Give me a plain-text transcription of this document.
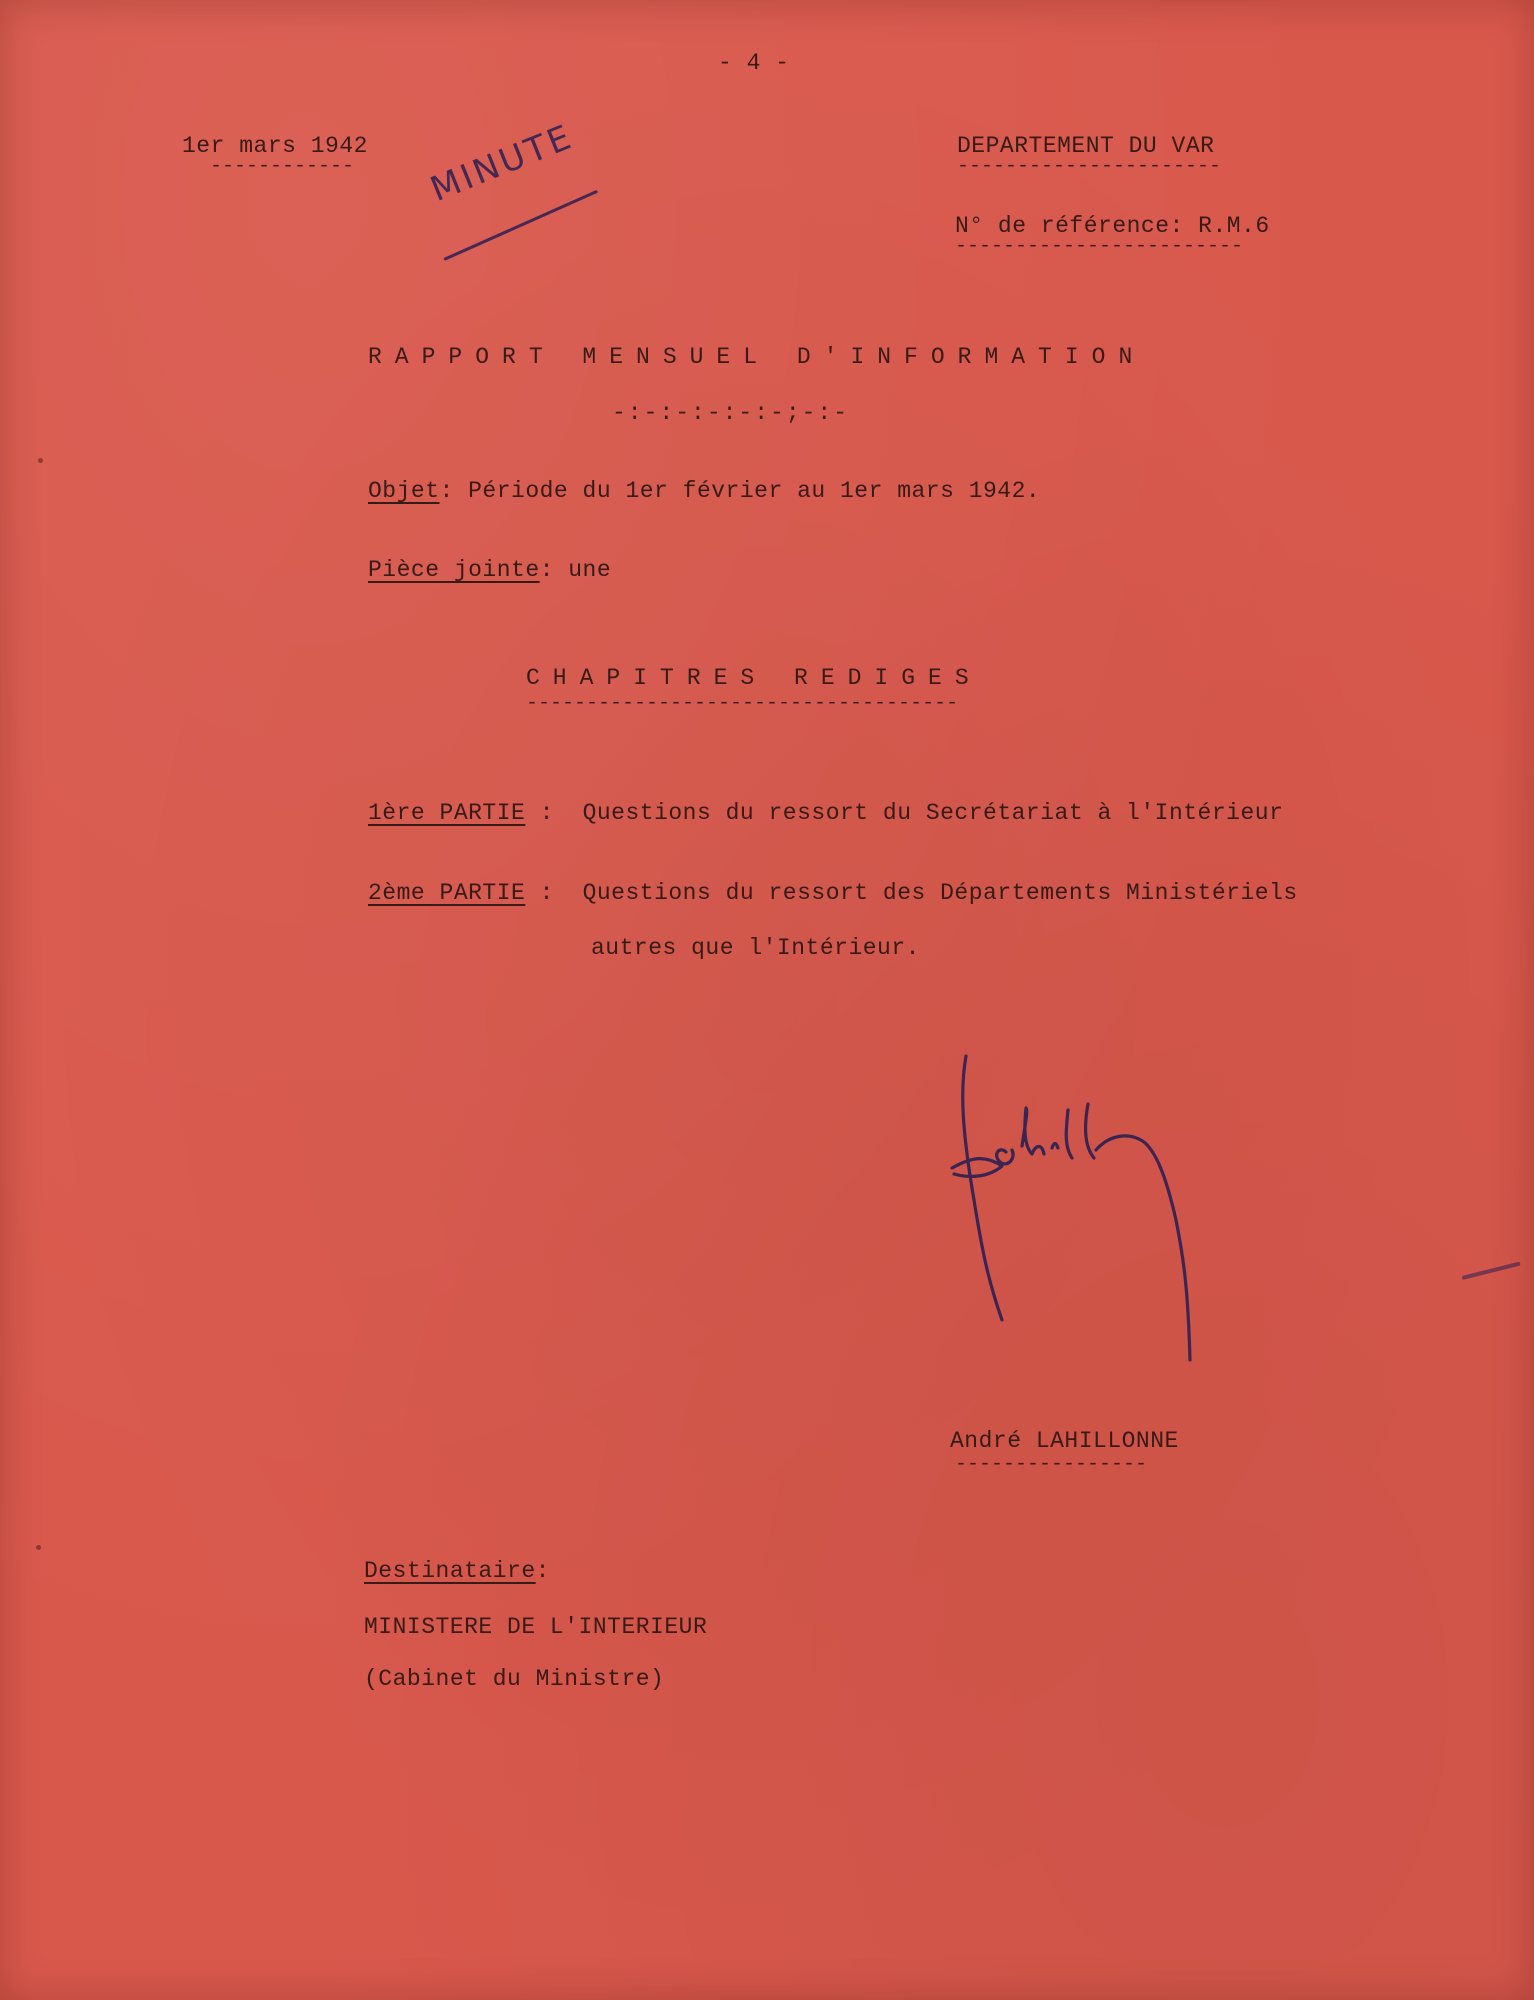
- 4 -
1er mars 1942
------------	MINUTE	DEPARTEMENT DU VAR
----------------------
N° de référence: R.M.6
------------------------
RAPPORT MENSUEL D'INFORMATION
-:-:-:-:-:-;-:-
Objet: Période du 1er février au 1er mars 1942.
Pièce jointe: une
CHAPITRES REDIGES
------------------------------------
1ère PARTIE : Questions du ressort du Secrétariat à l'Intérieur
2ème PARTIE : Questions du ressort des Départements Ministériels
autres que l'Intérieur.
André LAHILLONNE
----------------
Destinataire:
MINISTERE DE L'INTERIEUR
(Cabinet du Ministre)
